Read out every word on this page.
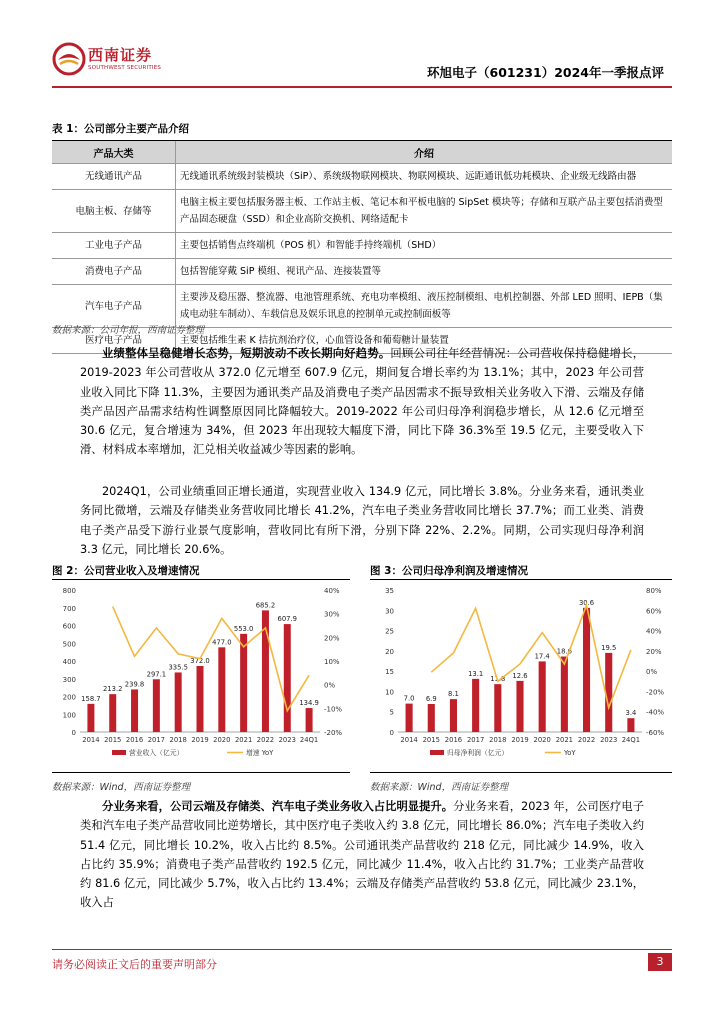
西南证券
SOUTHWEST SECURITIES	环旭电子（601231）2024年一季报点评
表 1：公司部分主要产品介绍
产品大类	介绍
无线通讯产品	无线通讯系统级封装模块（SiP）、系统级物联网模块、物联网模块、远距通讯低功耗模块、企业级无线路由器
电脑主板、存储等	电脑主板主要包括服务器主板、工作站主板、笔记本和平板电脑的 SipSet 模块等；存储和互联产品主要包括消费型产品固态硬盘（SSD）和企业高阶交换机、网络适配卡
工业电子产品	主要包括销售点终端机（POS 机）和智能手持终端机（SHD）
消费电子产品	包括智能穿戴 SiP 模组、视讯产品、连接装置等
汽车电子产品	主要涉及稳压器、整流器、电池管理系统、充电功率模组、液压控制模组、电机控制器、外部 LED 照明、IEPB（集成电动驻车制动）、车载信息及娱乐讯息的控制单元或控制面板等
医疗电子产品	主要包括维生素 K 拮抗剂治疗仪，心血管设备和葡萄糖计量装置
数据来源：公司年报，西南证券整理
业绩整体呈稳健增长态势，短期波动不改长期向好趋势。回顾公司往年经营情况：公司营收保持稳健增长，2019-2023 年公司营收从 372.0 亿元增至 607.9 亿元，期间复合增长率约为 13.1%；其中，2023 年公司营业收入同比下降 11.3%，主要因为通讯类产品及消费电子类产品因需求不振导致相关业务收入下滑、云端及存储类产品因产品需求结构性调整原因同比降幅较大。2019-2022 年公司归母净利润稳步增长，从 12.6 亿元增至 30.6 亿元，复合增速为 34%，但 2023 年出现较大幅度下滑，同比下降 36.3%至 19.5 亿元，主要受收入下滑、材料成本率增加，汇兑相关收益减少等因素的影响。
2024Q1，公司业绩重回正增长通道，实现营业收入 134.9 亿元，同比增长 3.8%。分业务来看，通讯类业务同比微增，云端及存储类业务营收同比增长 41.2%，汽车电子类业务营收同比增长 37.7%；而工业类、消费电子类产品受下游行业景气度影响，营收同比有所下滑，分别下降 22%、2.2%。同期，公司实现归母净利润 3.3 亿元，同比增长 20.6%。
图 2：公司营业收入及增速情况
0
100
200
300
400
500
600
700
800
-20%
-10%
0%
10%
20%
30%
40%
158.7
2014
213.2
2015
239.8
2016
297.1
2017
335.5
2018
372.0
2019
477.0
2020
553.0
2021
685.2
2022
607.9
2023
134.9
24Q1
营业收入（亿元）	增速 YoY
数据来源：Wind，西南证券整理
图 3：公司归母净利润及增速情况
0
5
10
15
20
25
30
35
-60%
-40%
-20%
0%
20%
40%
60%
80%
7.0
2014
6.9
2015
8.1
2016
13.1
2017
11.8
2018
12.6
2019
17.4
2020
18.6
2021
30.6
2022
19.5
2023
3.4
24Q1
归母净利润（亿元）	YoY
数据来源：Wind，西南证券整理
分业务来看，公司云端及存储类、汽车电子类业务收入占比明显提升。分业务来看，2023 年，公司医疗电子类和汽车电子类产品营收同比逆势增长，其中医疗电子类收入约 3.8 亿元，同比增长 86.0%；汽车电子类收入约 51.4 亿元，同比增长 10.2%，收入占比约 8.5%。公司通讯类产品营收约 218 亿元，同比减少 14.9%，收入占比约 35.9%；消费电子类产品营收约 192.5 亿元，同比减少 11.4%，收入占比约 31.7%；工业类产品营收约 81.6 亿元，同比减少 5.7%，收入占比约 13.4%；云端及存储类产品营收约 53.8 亿元，同比减少 23.1%，收入占
请务必阅读正文后的重要声明部分	3
